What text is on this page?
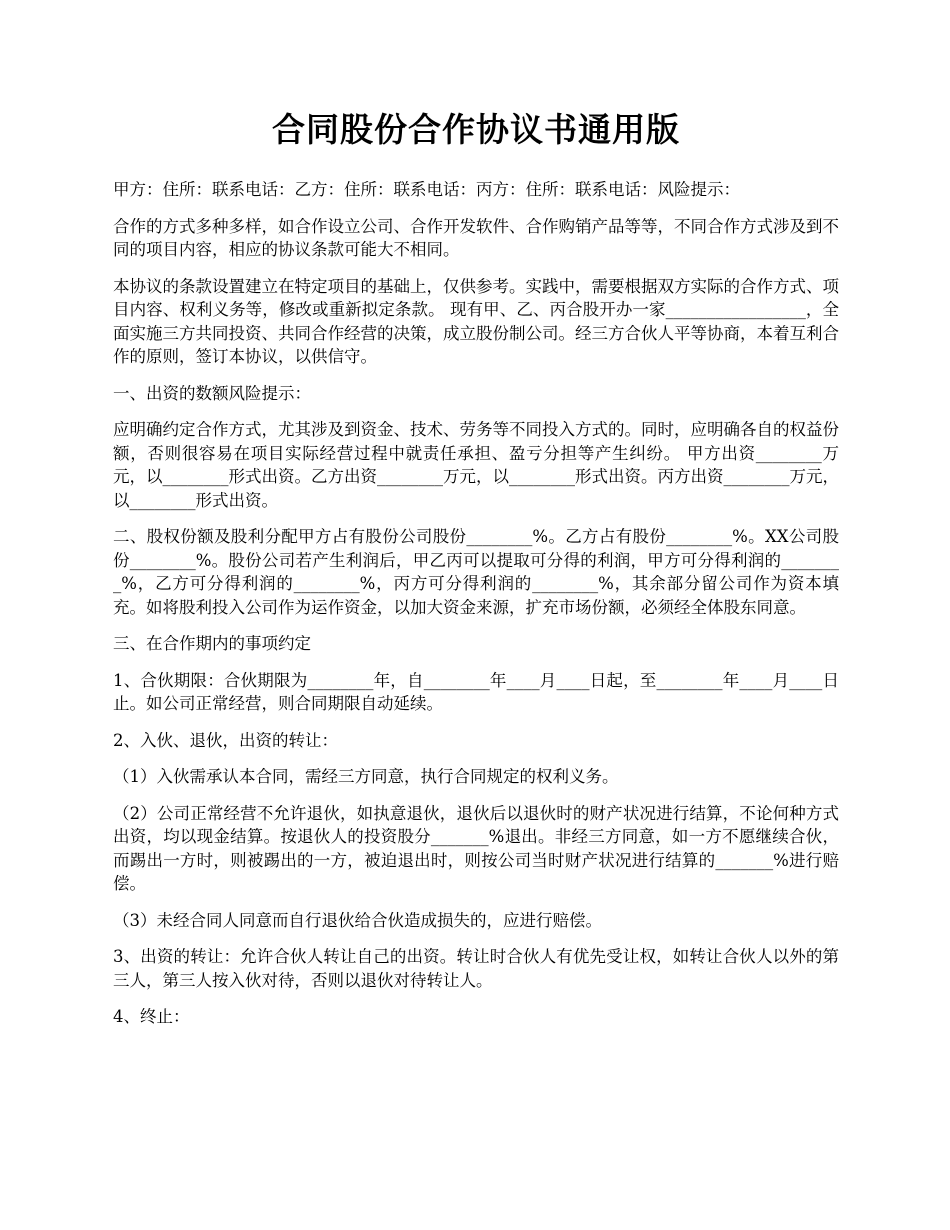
合同股份合作协议书通用版

甲方：住所：联系电话：乙方：住所：联系电话：丙方：住所：联系电话：风险提示：

合作的方式多种多样，如合作设立公司、合作开发软件、合作购销产品等等，不同合作方式涉及到不同的项目内容，相应的协议条款可能大不相同。

本协议的条款设置建立在特定项目的基础上，仅供参考。实践中，需要根据双方实际的合作方式、项目内容、权利义务等，修改或重新拟定条款。 现有甲、乙、丙合股开办一家_________________，全面实施三方共同投资、共同合作经营的决策，成立股份制公司。经三方合伙人平等协商，本着互利合作的原则，签订本协议，以供信守。

一、出资的数额风险提示：

应明确约定合作方式，尤其涉及到资金、技术、劳务等不同投入方式的。同时，应明确各自的权益份额，否则很容易在项目实际经营过程中就责任承担、盈亏分担等产生纠纷。 甲方出资________万元，以________形式出资。乙方出资________万元，以________形式出资。丙方出资________万元，以________形式出资。

二、股权份额及股利分配甲方占有股份公司股份________%。乙方占有股份________%。XX公司股份________%。股份公司若产生利润后，甲乙丙可以提取可分得的利润，甲方可分得利润的________%，乙方可分得利润的________%，丙方可分得利润的________%，其余部分留公司作为资本填充。如将股利投入公司作为运作资金，以加大资金来源，扩充市场份额，必须经全体股东同意。

三、在合作期内的事项约定

1、合伙期限：合伙期限为________年，自________年____月____日起，至________年____月____日止。如公司正常经营，则合同期限自动延续。

2、入伙、退伙，出资的转让：

（1）入伙需承认本合同，需经三方同意，执行合同规定的权利义务。

（2）公司正常经营不允许退伙，如执意退伙，退伙后以退伙时的财产状况进行结算，不论何种方式出资，均以现金结算。按退伙人的投资股分_______%退出。非经三方同意，如一方不愿继续合伙，而踢出一方时，则被踢出的一方，被迫退出时，则按公司当时财产状况进行结算的_______%进行赔偿。

（3）未经合同人同意而自行退伙给合伙造成损失的，应进行赔偿。

3、出资的转让：允许合伙人转让自己的出资。转让时合伙人有优先受让权，如转让合伙人以外的第三人，第三人按入伙对待，否则以退伙对待转让人。

4、终止：
